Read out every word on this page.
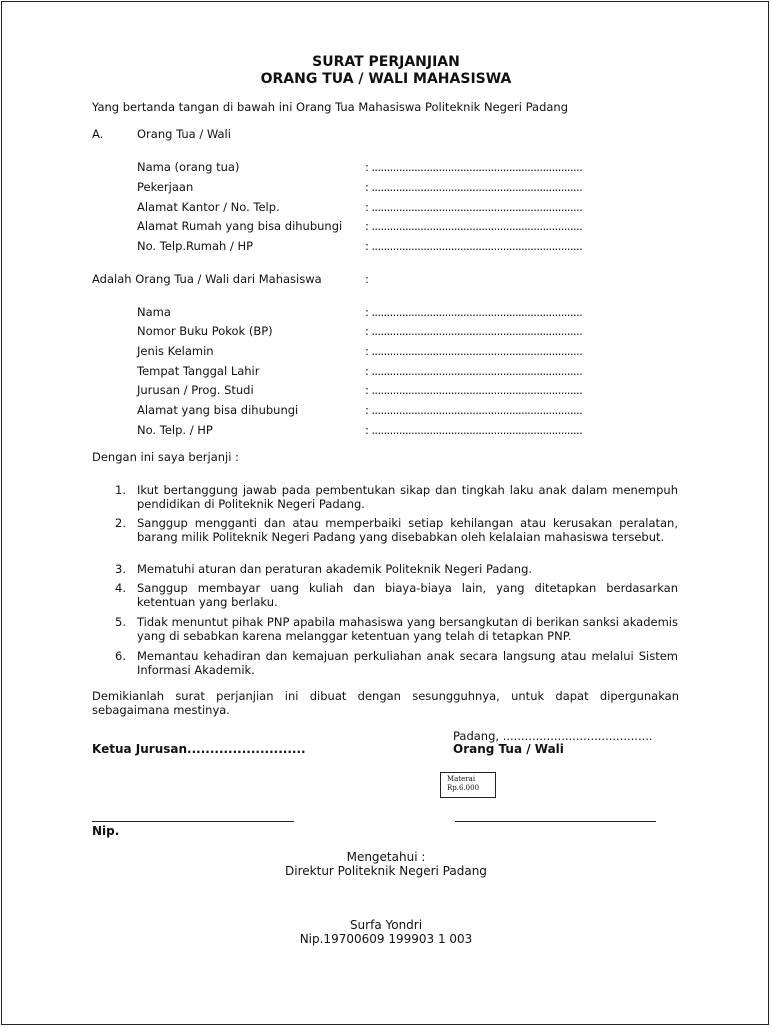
SURAT PERJANJIAN
ORANG TUA / WALI MAHASISWA
Yang bertanda tangan di bawah ini Orang Tua Mahasiswa Politeknik Negeri Padang
A.	Orang Tua / Wali
Nama (orang tua)	: .....................................................................
Pekerjaan	: .....................................................................
Alamat Kantor / No. Telp.	: .....................................................................
Alamat Rumah yang bisa dihubungi : .....................................................................
No. Telp.Rumah / HP	: .....................................................................
Adalah Orang Tua / Wali dari Mahasiswa	:
Nama	: .....................................................................
Nomor Buku Pokok (BP)	: .....................................................................
Jenis Kelamin	: .....................................................................
Tempat Tanggal Lahir	: .....................................................................
Jurusan / Prog. Studi	: .....................................................................
Alamat yang bisa dihubungi	: .....................................................................
No. Telp. / HP	: .....................................................................
Dengan ini saya berjanji :
1. Ikut bertanggung jawab pada pembentukan sikap dan tingkah laku anak dalam menempuh pendidikan di Politeknik Negeri Padang.
2. Sanggup mengganti dan atau memperbaiki setiap kehilangan atau kerusakan peralatan, barang milik Politeknik Negeri Padang yang disebabkan oleh kelalaian mahasiswa tersebut.
3. Mematuhi aturan dan peraturan akademik Politeknik Negeri Padang.
4. Sanggup membayar uang kuliah dan biaya-biaya lain, yang ditetapkan berdasarkan ketentuan yang berlaku.
5. Tidak menuntut pihak PNP apabila mahasiswa yang bersangkutan di berikan sanksi akademis yang di sebabkan karena melanggar ketentuan yang telah di tetapkan PNP.
6. Memantau kehadiran dan kemajuan perkuliahan anak secara langsung atau melalui Sistem Informasi Akademik.
Demikianlah surat perjanjian ini dibuat dengan sesungguhnya, untuk dapat dipergunakan sebagaimana mestinya.
Padang, .........................................
Orang Tua / Wali
Ketua Jurusan..........................
Materai
Rp.6.000
Nip.
Mengetahui :
Direktur Politeknik Negeri Padang
Surfa Yondri
Nip.19700609 199903 1 003
